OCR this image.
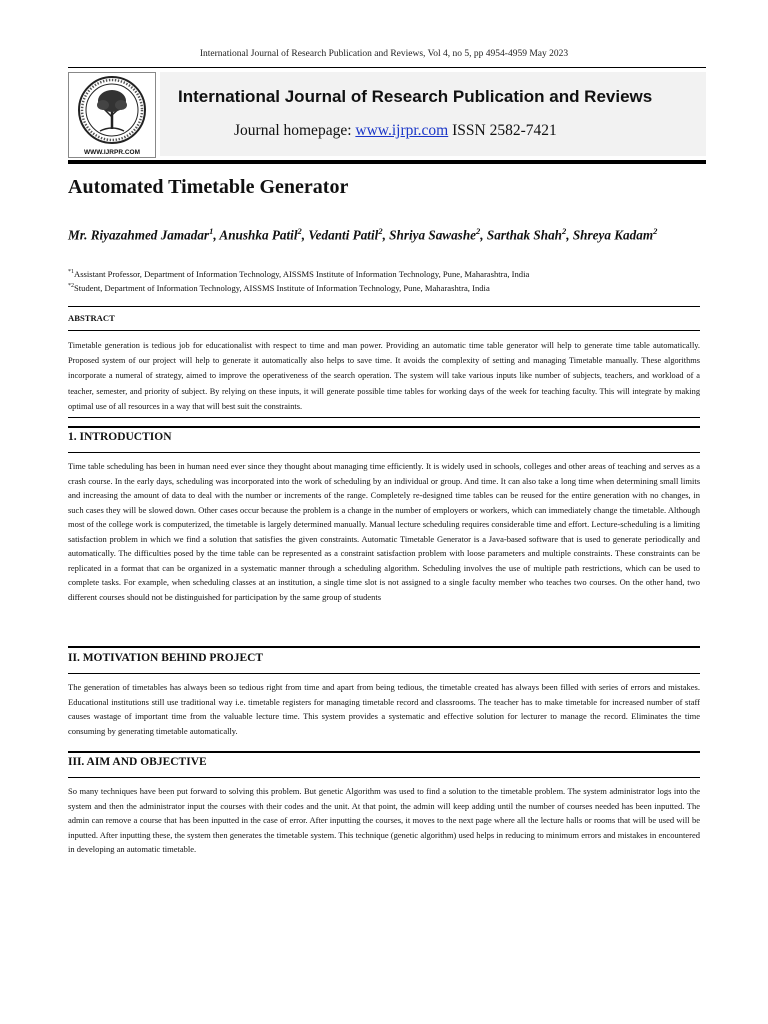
International Journal of Research Publication and Reviews, Vol 4, no 5, pp 4954-4959 May 2023
WWW.IJRPR.COM
International Journal of Research Publication and Reviews
Journal homepage: www.ijrpr.com ISSN 2582-7421
Automated Timetable Generator
Mr. Riyazahmed Jamadar$^1$, Anushka Patil$^2$, Vedanti Patil$^2$, Shriya Sawashe$^2$, Sarthak Shah$^2$, Shreya Kadam$^2$
$^{*1}$Assistant Professor, Department of Information Technology, AISSMS Institute of Information Technology, Pune, Maharashtra, India
$^{*2}$Student, Department of Information Technology, AISSMS Institute of Information Technology, Pune, Maharashtra, India
ABSTRACT
Timetable generation is tedious job for educationalist with respect to time and man power. Providing an automatic time table generator will help to generate time table automatically. Proposed system of our project will help to generate it automatically also helps to save time. It avoids the complexity of setting and managing Timetable manually. These algorithms incorporate a numeral of strategy, aimed to improve the operativeness of the search operation. The system will take various inputs like number of subjects, teachers, and workload of a teacher, semester, and priority of subject. By relying on these inputs, it will generate possible time tables for working days of the week for teaching faculty. This will integrate by making optimal use of all resources in a way that will best suit the constraints.
1. INTRODUCTION
Time table scheduling has been in human need ever since they thought about managing time efficiently. It is widely used in schools, colleges and other areas of teaching and serves as a crash course. In the early days, scheduling was incorporated into the work of scheduling by an individual or group. And time. It can also take a long time when determining small limits and increasing the amount of data to deal with the number or increments of the range. Completely re-designed time tables can be reused for the entire generation with no changes, in such cases they will be slowed down. Other cases occur because the problem is a change in the number of employers or workers, which can immediately change the timetable. Although most of the college work is computerized, the timetable is largely determined manually. Manual lecture scheduling requires considerable time and effort. Lecture-scheduling is a limiting satisfaction problem in which we find a solution that satisfies the given constraints. Automatic Timetable Generator is a Java-based software that is used to generate periodically and automatically. The difficulties posed by the time table can be represented as a constraint satisfaction problem with loose parameters and multiple constraints. These constraints can be replicated in a format that can be organized in a systematic manner through a scheduling algorithm. Scheduling involves the use of multiple path restrictions, which can be used to complete tasks. For example, when scheduling classes at an institution, a single time slot is not assigned to a single faculty member who teaches two courses. On the other hand, two different courses should not be distinguished for participation by the same group of students
II. MOTIVATION BEHIND PROJECT
The generation of timetables has always been so tedious right from time and apart from being tedious, the timetable created has always been filled with series of errors and mistakes. Educational institutions still use traditional way i.e. timetable registers for managing timetable record and classrooms. The teacher has to make timetable for increased number of staff causes wastage of important time from the valuable lecture time. This system provides a systematic and effective solution for lecturer to manage the record. Eliminates the time consuming by generating timetable automatically.
III. AIM AND OBJECTIVE
So many techniques have been put forward to solving this problem. But genetic Algorithm was used to find a solution to the timetable problem. The system administrator logs into the system and then the administrator input the courses with their codes and the unit. At that point, the admin will keep adding until the number of courses needed has been inputted. The admin can remove a course that has been inputted in the case of error. After inputting the courses, it moves to the next page where all the lecture halls or rooms that will be used will be inputted. After inputting these, the system then generates the timetable system. This technique (genetic algorithm) used helps in reducing to minimum errors and mistakes in encountered in developing an automatic timetable.
